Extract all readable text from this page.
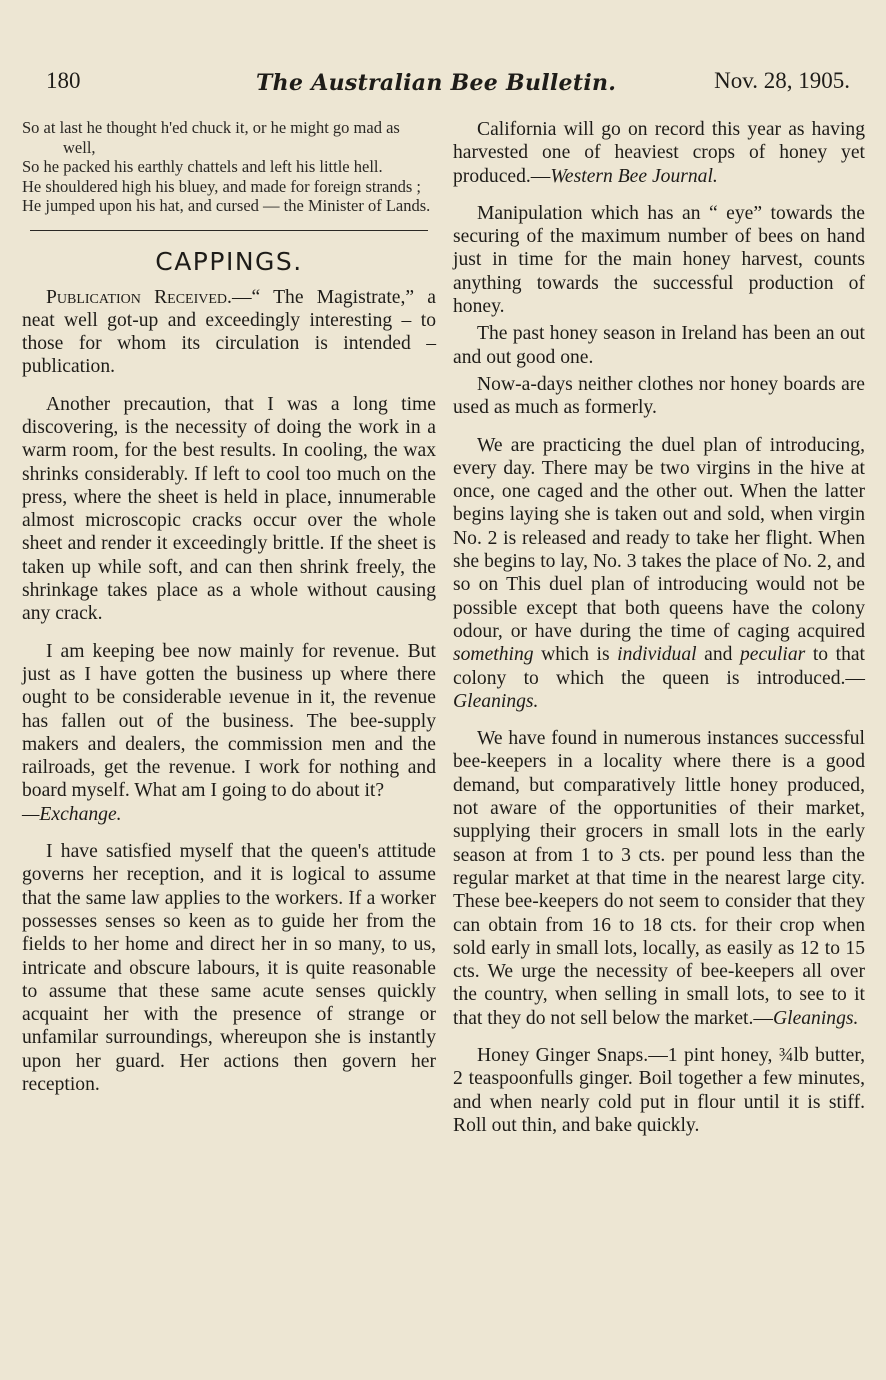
180	The Australian Bee Bulletin.	Nov. 28, 1905.

So at last he thought h'ed chuck it, or he might go mad as well,

So he packed his earthly chattels and left his little hell.

He shouldered high his bluey, and made for foreign strands ;

He jumped upon his hat, and cursed — the Minister of Lands.

CAPPINGS.

Publication Received.—“ The Magistrate,” a neat well got-up and exceedingly interesting – to those for whom its circulation is intended – publication.

Another precaution, that I was a long time discovering, is the necessity of doing the work in a warm room, for the best results. In cooling, the wax shrinks considerably. If left to cool too much on the press, where the sheet is held in place, innumerable almost microscopic cracks occur over the whole sheet and render it exceedingly brittle. If the sheet is taken up while soft, and can then shrink freely, the shrinkage takes place as a whole without causing any crack.

I am keeping bee now mainly for revenue. But just as I have gotten the business up where there ought to be considerable ıevenue in it, the revenue has fallen out of the business. The bee-supply makers and dealers, the commission men and the railroads, get the revenue. I work for nothing and board myself. What am I going to do about it?
—Exchange.

I have satisfied myself that the queen's attitude governs her reception, and it is logical to assume that the same law applies to the workers. If a worker possesses senses so keen as to guide her from the fields to her home and direct her in so many, to us, intricate and obscure labours, it is quite reasonable to assume that these same acute senses quickly acquaint her with the presence of strange or unfamilar surroundings, whereupon she is instantly upon her guard. Her actions then govern her reception.

California will go on record this year as having harvested one of heaviest crops of honey yet produced.—Western Bee Journal.

Manipulation which has an “ eye” towards the securing of the maximum number of bees on hand just in time for the main honey harvest, counts anything towards the successful production of honey.

The past honey season in Ireland has been an out and out good one.

Now-a-days neither clothes nor honey boards are used as much as formerly.

We are practicing the duel plan of introducing, every day. There may be two virgins in the hive at once, one caged and the other out. When the latter begins laying she is taken out and sold, when virgin No. 2 is released and ready to take her flight. When she begins to lay, No. 3 takes the place of No. 2, and so on This duel plan of introducing would not be possible except that both queens have the colony odour, or have during the time of caging acquired something which is individual and peculiar to that colony to which the queen is introduced.—Gleanings.

We have found in numerous instances successful bee-keepers in a locality where there is a good demand, but comparatively little honey produced, not aware of the opportunities of their market, supplying their grocers in small lots in the early season at from 1 to 3 cts. per pound less than the regular market at that time in the nearest large city. These bee-keepers do not seem to consider that they can obtain from 16 to 18 cts. for their crop when sold early in small lots, locally, as easily as 12 to 15 cts. We urge the necessity of bee-keepers all over the country, when selling in small lots, to see to it that they do not sell below the market.—Gleanings.

Honey Ginger Snaps.—1 pint honey, ¾lb butter, 2 teaspoonfulls ginger. Boil together a few minutes, and when nearly cold put in flour until it is stiff. Roll out thin, and bake quickly.
